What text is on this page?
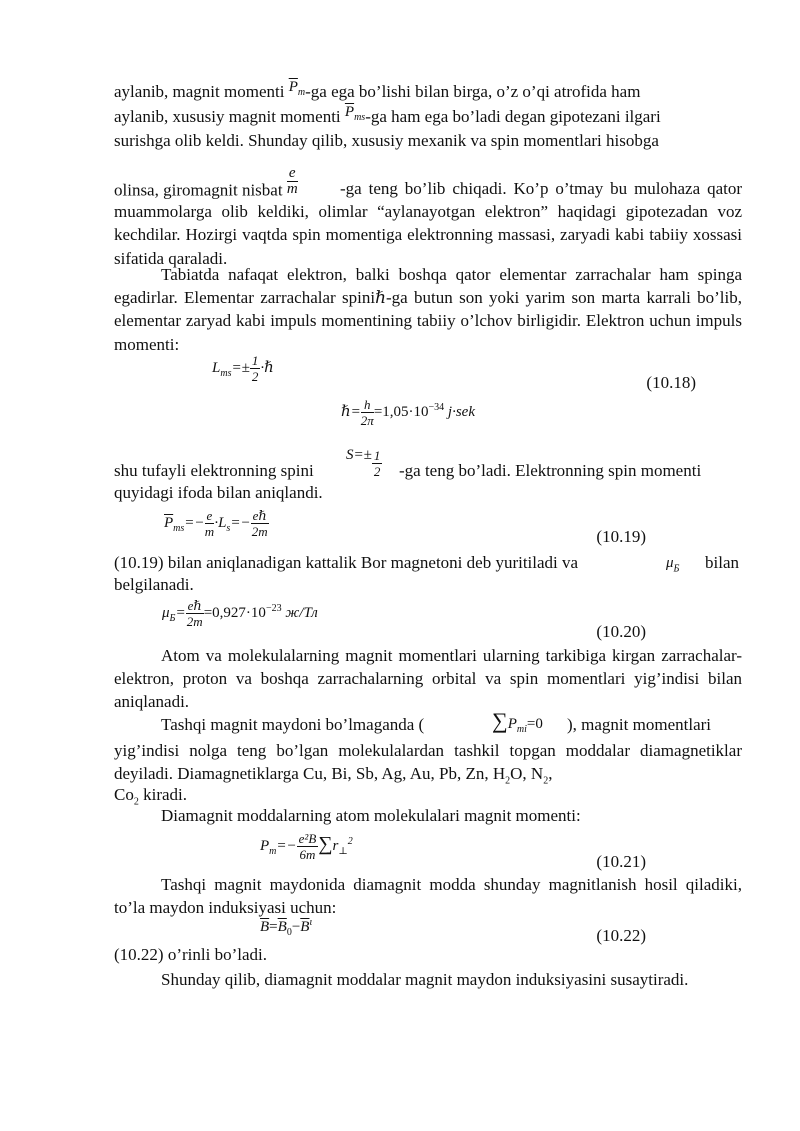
aylanib, magnit momenti $\overline{P}_m-ga$ ega bo’lishi bilan birga, o’z o’qi atrofida ham
aylanib, xususiy magnit momenti $\overline{P}_{ms}-ga$ ham ega bo’ladi degan gipotezani ilgari
surishga olib keldi. Shunday qilib, xususiy mexanik va spin momentlari hisobga
olinsa, giromagnit nisbat $\frac{e}{m}$	-ga teng bo’lib chiqadi. Ko’p o’tmay bu mulohaza qator muammolarga olib keldiki, olimlar “aylanayotgan elektron” haqidagi gipotezadan voz kechdilar. Hozirgi vaqtda spin momentiga elektronning massasi, zaryadi kabi tabiiy xossasi sifatida qaraladi.
Tabiatda nafaqat elektron, balki boshqa qator elementar zarrachalar ham spinga egadirlar. Elementar zarrachalar spiniℏ-ga butun son yoki yarim son marta karrali bo’lib, elementar zaryad kabi impuls momentining tabiiy o’lchov birligidir. Elektron uchun impuls momenti:
$L_{ms}=\pm \frac{1}{2}$ ·ℏ
(10.18)
ℏ= $\frac{h}{2\pi} =1,05\cdot 10^{-34}$ j·sek
$S=\pm \frac{1}{2}$
shu tufayli elektronning spini	-ga teng bo’ladi. Elektronning spin momenti
quyidagi ifoda bilan aniqlandi.
$\overline{P}_{ms}=- \frac{e}{m} \cdot L_s=- \frac{\text{eℏ}}{2m}$	(10.19)
(10.19) bilan aniqlanadigan kattalik Bor magnetoni deb yuritiladi va	$\mu_Б$ bilan
belgilanadi.
$\mu_Б= \frac{\text{eℏ}}{2m} =0,927\cdot 10^{-23}$ ж/Тл
(10.20)
Atom va molekulalarning magnit momentlari ularning tarkibiga kirgan zarrachalar-elektron, proton va boshqa zarrachalarning orbital va spin momentlari yig’indisi bilan aniqlanadi.
Tashqi magnit maydoni bo’lmaganda (	$\sum P_{mi}=0$ ), magnit momentlari
yig’indisi nolga teng bo’lgan molekulalardan tashkil topgan moddalar diamagnetiklar deyiladi. Diamagnetiklarga Cu, Bi, Sb, Ag, Au, Pb, Zn, $H_2O$, $N_2$,
$Co_2$ kiradi.
Diamagnit moddalarning atom molekulalari magnit momenti:
$P_m=- \frac{\text{e²B}}{6m} \sum r_\perp^2$
(10.21)
Tashqi magnit maydonida diamagnit modda shunday magnitlanish hosil qiladiki, to’la maydon induksiyasi uchun:
$\overline{B}=\overline{B}_0-\overline{B}^\iota$
(10.22)
(10.22) o’rinli bo’ladi.
Shunday qilib, diamagnit moddalar magnit maydon induksiyasini susaytiradi.
